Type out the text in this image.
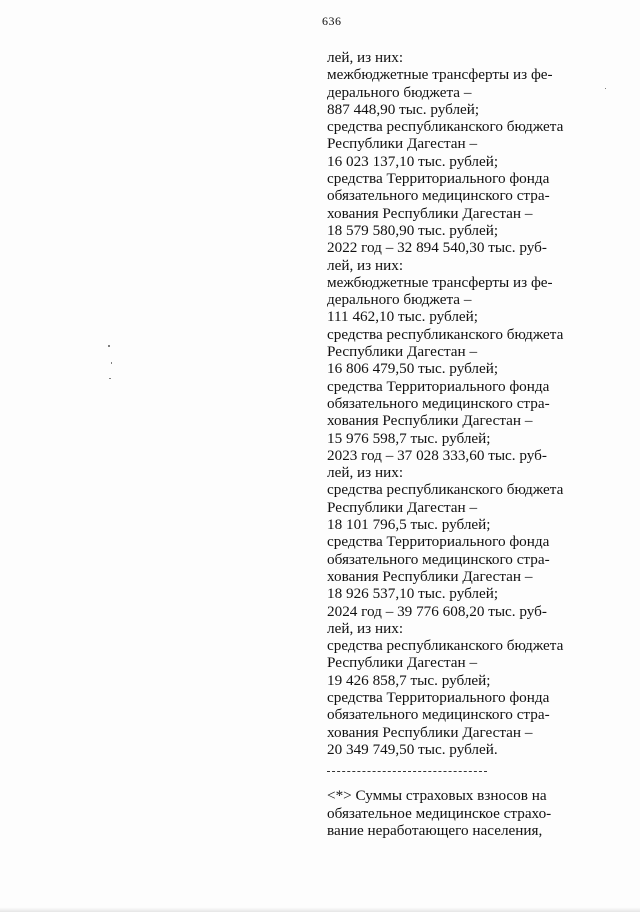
636
лей, из них:
межбюджетные трансферты из фе-
дерального бюджета –
887 448,90 тыс. рублей;
средства республиканского бюджета
Республики Дагестан –
16 023 137,10 тыс. рублей;
средства Территориального фонда
обязательного медицинского стра-
хования Республики Дагестан –
18 579 580,90 тыс. рублей;
2022 год – 32 894 540,30 тыс. руб-
лей, из них:
межбюджетные трансферты из фе-
дерального бюджета –
111 462,10 тыс. рублей;
средства республиканского бюджета
Республики Дагестан –
16 806 479,50 тыс. рублей;
средства Территориального фонда
обязательного медицинского стра-
хования Республики Дагестан –
15 976 598,7 тыс. рублей;
2023 год – 37 028 333,60 тыс. руб-
лей, из них:
средства республиканского бюджета
Республики Дагестан –
18 101 796,5 тыс. рублей;
средства Территориального фонда
обязательного медицинского стра-
хования Республики Дагестан –
18 926 537,10 тыс. рублей;
2024 год – 39 776 608,20 тыс. руб-
лей, из них:
средства республиканского бюджета
Республики Дагестан –
19 426 858,7 тыс. рублей;
средства Территориального фонда
обязательного медицинского стра-
хования Республики Дагестан –
20 349 749,50 тыс. рублей.
<*> Суммы страховых взносов на
обязательное медицинское страхо-
вание неработающего населения,
